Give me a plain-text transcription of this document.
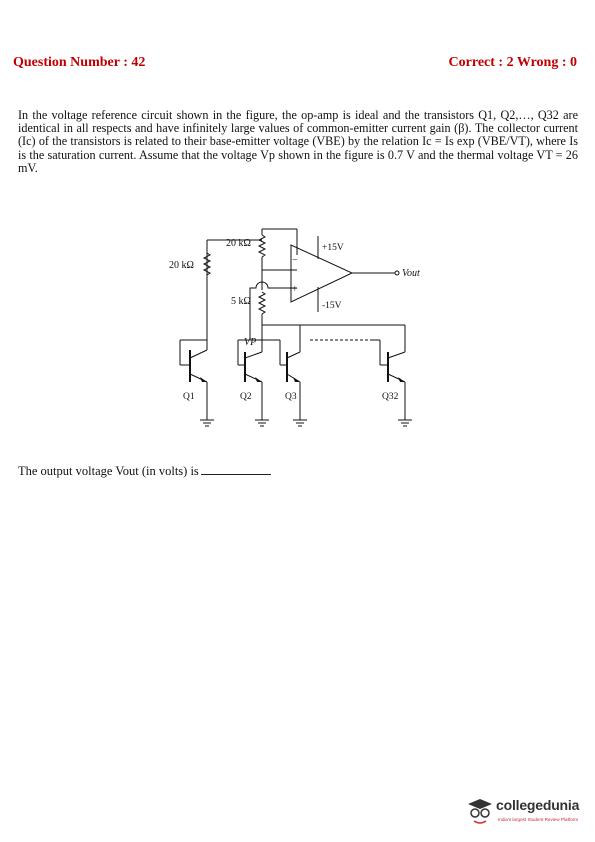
Question Number : 42	Correct : 2 Wrong : 0

In the voltage reference circuit shown in the figure, the op-amp is ideal and the transistors Q1, Q2,…, Q32 are identical in all respects and have infinitely large values of common-emitter current gain (β). The collector current (Ic) of the transistors is related to their base-emitter voltage (VBE) by the relation Ic = Is exp (VBE/VT), where Is is the saturation current. Assume that the voltage Vp shown in the figure is 0.7 V and the thermal voltage VT = 26 mV.

20 kΩ
20 kΩ
5 kΩ
+15V
-15V
−
+
Vout
VP
Q1	Q2	Q3	Q32
The output voltage Vout (in volts) is
collegedunia
India's largest Student Review Platform
